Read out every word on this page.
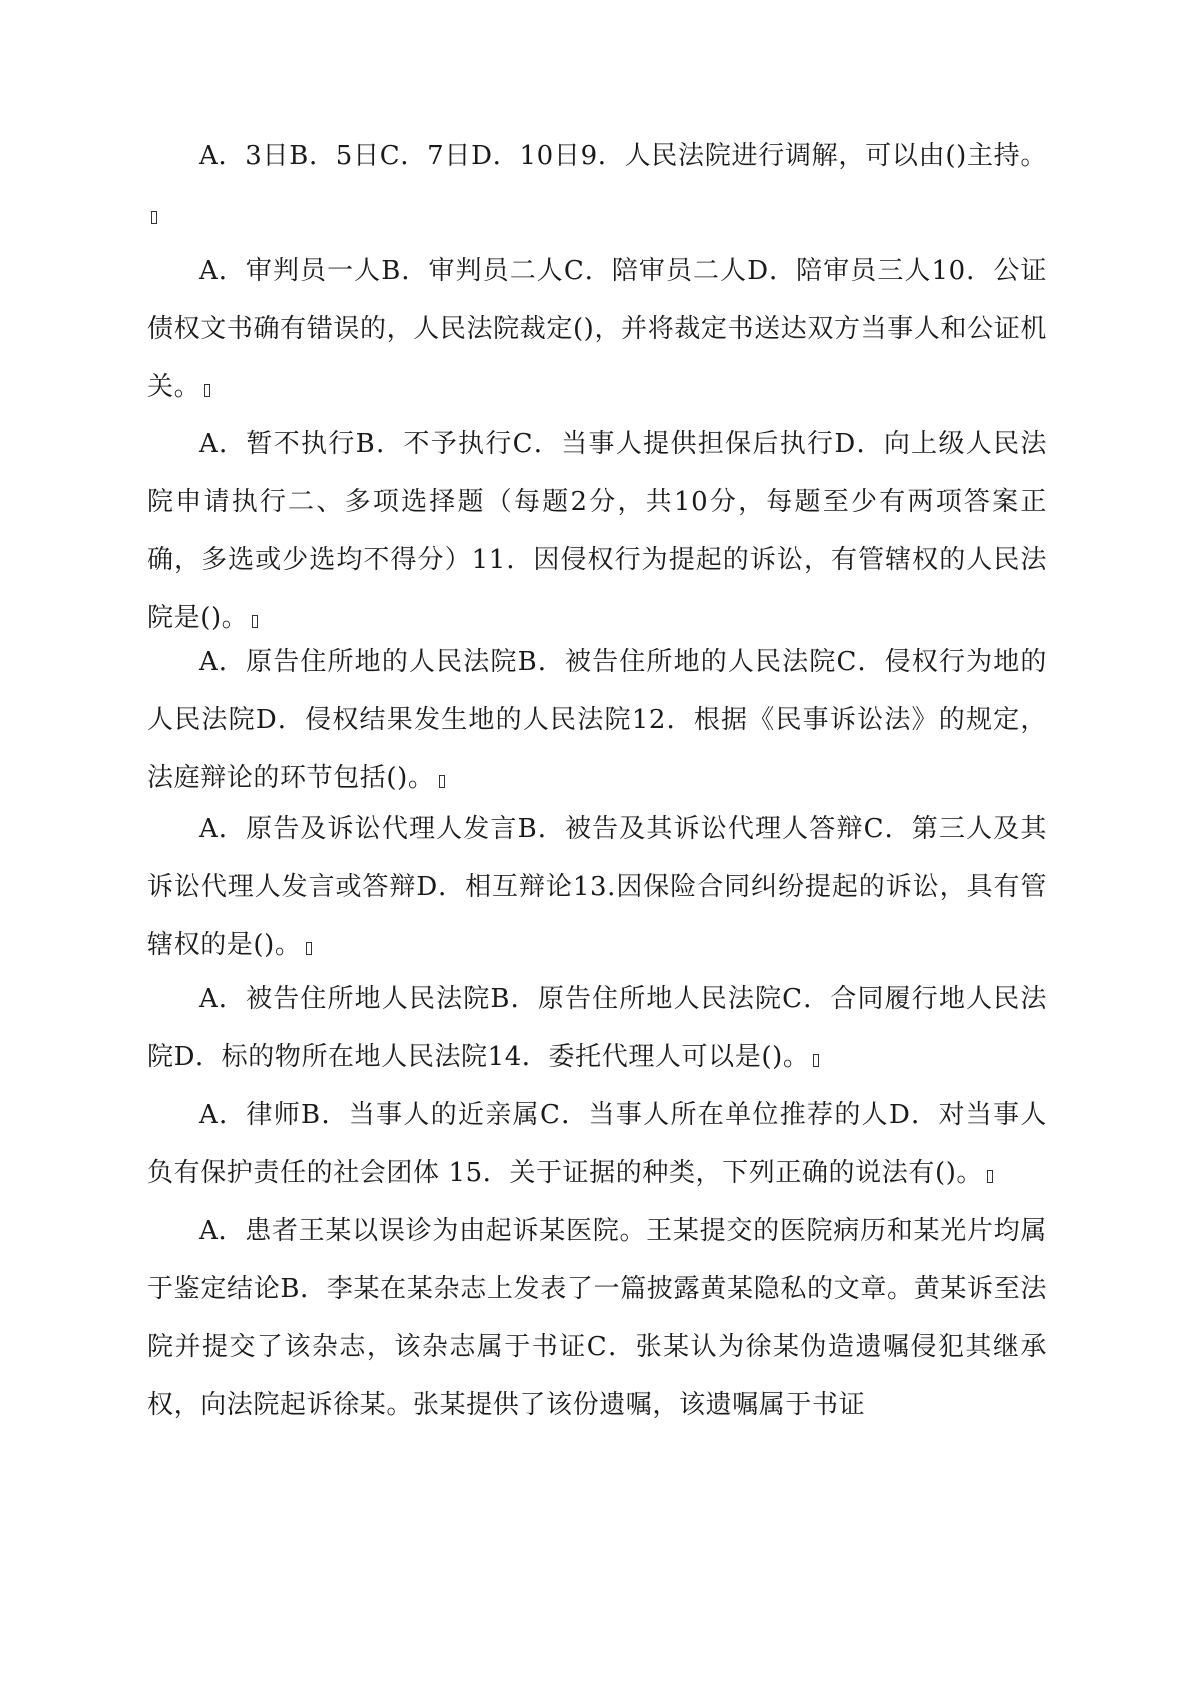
A．3日B．5日C．7日D．10日9．人民法院进行调解，可以由()主持。

A．审判员一人B．审判员二人C．陪审员二人D．陪审员三人10．公证债权文书确有错误的，人民法院裁定()，并将裁定书送达双方当事人和公证机关。

A．暂不执行B．不予执行C．当事人提供担保后执行D．向上级人民法院申请执行二、多项选择题（每题2分，共10分，每题至少有两项答案正确，多选或少选均不得分）11．因侵权行为提起的诉讼，有管辖权的人民法院是()。

A．原告住所地的人民法院B．被告住所地的人民法院C．侵权行为地的人民法院D．侵权结果发生地的人民法院12．根据《民事诉讼法》的规定，法庭辩论的环节包括()。

A．原告及诉讼代理人发言B．被告及其诉讼代理人答辩C．第三人及其诉讼代理人发言或答辩D．相互辩论13.因保险合同纠纷提起的诉讼，具有管辖权的是()。

A．被告住所地人民法院B．原告住所地人民法院C．合同履行地人民法院D．标的物所在地人民法院14．委托代理人可以是()。

A．律师B．当事人的近亲属C．当事人所在单位推荐的人D．对当事人负有保护责任的社会团体 15．关于证据的种类，下列正确的说法有()。

A．患者王某以误诊为由起诉某医院。王某提交的医院病历和某光片均属于鉴定结论B．李某在某杂志上发表了一篇披露黄某隐私的文章。黄某诉至法院并提交了该杂志，该杂志属于书证C．张某认为徐某伪造遗嘱侵犯其继承权，向法院起诉徐某。张某提供了该份遗嘱，该遗嘱属于书证
